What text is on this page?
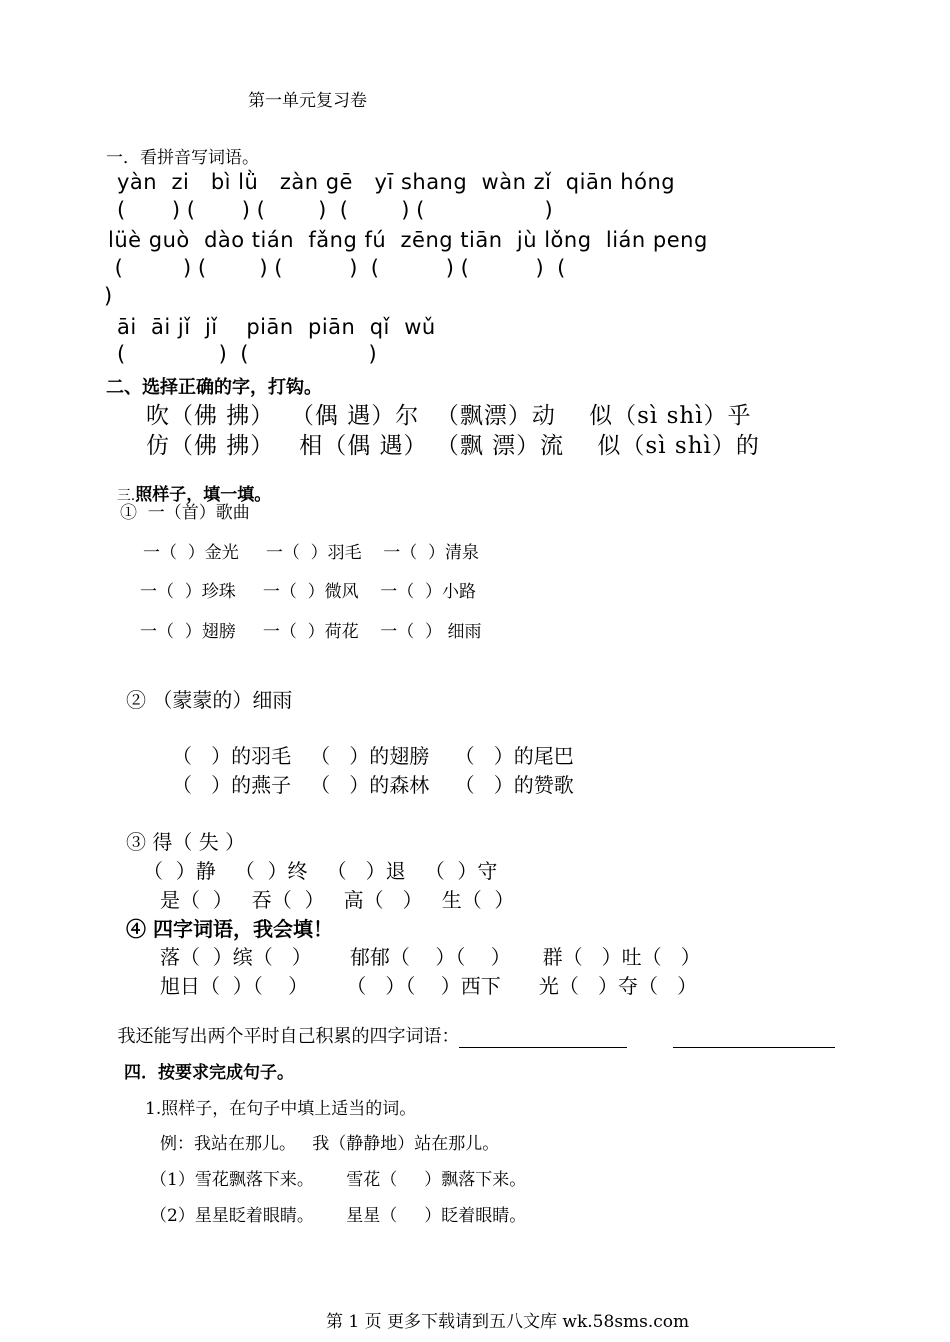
第一单元复习卷
一．看拼音写词语。
yàn  zi   bì lǜ   zàn gē   yī shang  wàn zǐ  qiān hóng
(       ) (       ) (        )  (        ) (                  )
lüè guò  dào tián  fǎng fú  zēng tiān  jù lǒng  lián peng
(         ) (        ) (          )  (          ) (          )  (
)
āi  āi jǐ  jǐ    piān  piān  qǐ  wǔ
(              )  (                  )
二、选择正确的字，打钩。
吹（佛 拂）  （偶 遇）尔  （飘漂）动    似（sì shì）乎
仿（佛 拂）   相（偶 遇） （飘 漂）流    似（sì shì）的

三.照样子，填一填。

①  一（首）歌曲
一（  ）金光     一（  ）羽毛    一（  ）清泉
一（  ）珍珠     一（  ）微风    一（  ）小路
一（  ）翅膀     一（  ）荷花    一（  ） 细雨
② （蒙蒙的）细雨
（   ）的羽毛   （   ）的翅膀    （   ）的尾巴
（   ）的燕子   （   ）的森林    （   ）的赞歌
③ 得（ 失 ）
（  ）静   （  ）终   （   ）退   （  ）守
是（  ）   吞（  ）   高（   ）   生（  ）
④ 四字词语，我会填！
落（  ）缤（   ）      郁郁（    ）（    ）     群（   ）吐（   ）
旭日（  ）（    ）      （   ）（    ）西下      光（   ）夺（   ）

我还能写出两个平时自己积累的四字词语：

四．按要求完成句子。
1.照样子，在句子中填上适当的词。
例：我站在那儿。   我（静静地）站在那儿。
（1）雪花飘落下来。      雪花（     ）飘落下来。
（2）星星眨着眼睛。      星星（     ）眨着眼睛。
第 1 页 更多下载请到五八文库 wk.58sms.com
